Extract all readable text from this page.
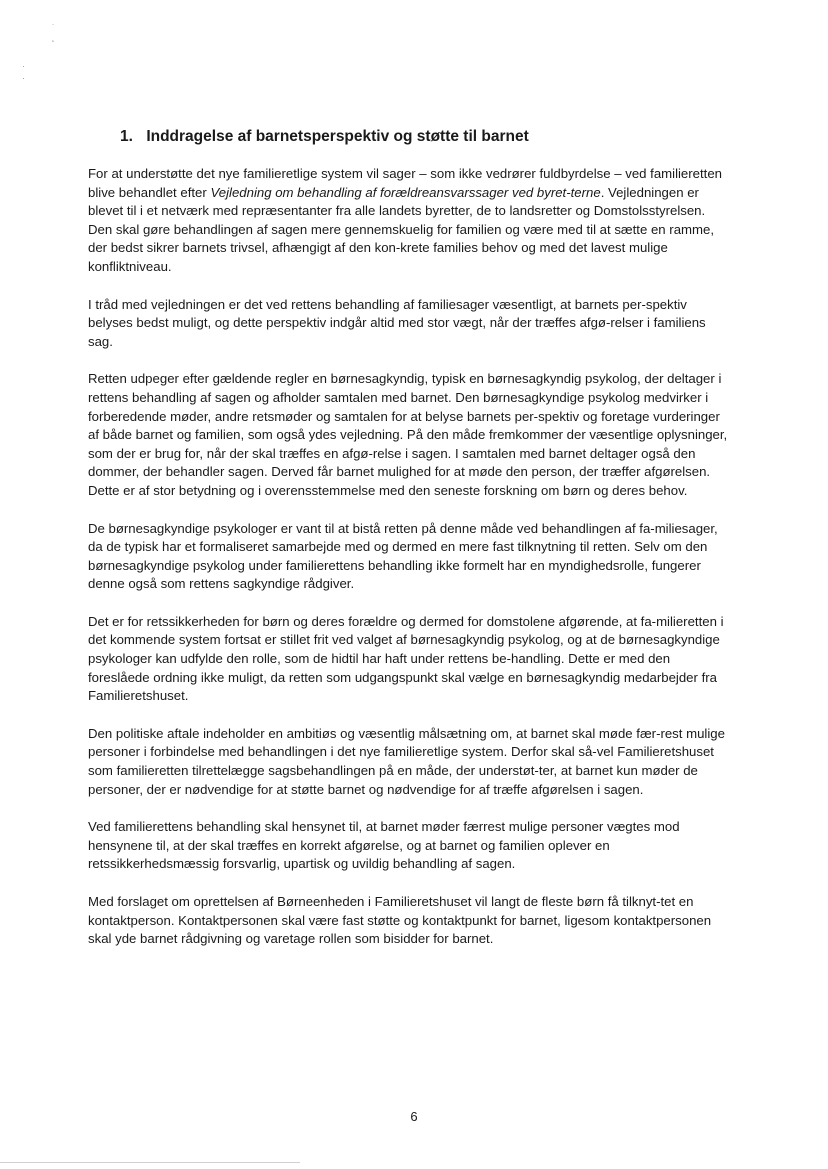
˙
˛
·
·
1. Inddragelse af barnetsperspektiv og støtte til barnet

For at understøtte det nye familieretlige system vil sager – som ikke vedrører fuldbyrdelse – ved familieretten blive behandlet efter Vejledning om behandling af forældreansvarssager ved byret-terne. Vejledningen er blevet til i et netværk med repræsentanter fra alle landets byretter, de to landsretter og Domstolsstyrelsen. Den skal gøre behandlingen af sagen mere gennemskuelig for familien og være med til at sætte en ramme, der bedst sikrer barnets trivsel, afhængigt af den kon-krete families behov og med det lavest mulige konfliktniveau.

I tråd med vejledningen er det ved rettens behandling af familiesager væsentligt, at barnets per-spektiv belyses bedst muligt, og dette perspektiv indgår altid med stor vægt, når der træffes afgø-relser i familiens sag.

Retten udpeger efter gældende regler en børnesagkyndig, typisk en børnesagkyndig psykolog, der deltager i rettens behandling af sagen og afholder samtalen med barnet. Den børnesagkyndige psykolog medvirker i forberedende møder, andre retsmøder og samtalen for at belyse barnets per-spektiv og foretage vurderinger af både barnet og familien, som også ydes vejledning. På den måde fremkommer der væsentlige oplysninger, som der er brug for, når der skal træffes en afgø-relse i sagen. I samtalen med barnet deltager også den dommer, der behandler sagen. Derved får barnet mulighed for at møde den person, der træffer afgørelsen. Dette er af stor betydning og i overensstemmelse med den seneste forskning om børn og deres behov.

De børnesagkyndige psykologer er vant til at bistå retten på denne måde ved behandlingen af fa-miliesager, da de typisk har et formaliseret samarbejde med og dermed en mere fast tilknytning til retten. Selv om den børnesagkyndige psykolog under familierettens behandling ikke formelt har en myndighedsrolle, fungerer denne også som rettens sagkyndige rådgiver.

Det er for retssikkerheden for børn og deres forældre og dermed for domstolene afgørende, at fa-milieretten i det kommende system fortsat er stillet frit ved valget af børnesagkyndig psykolog, og at de børnesagkyndige psykologer kan udfylde den rolle, som de hidtil har haft under rettens be-handling. Dette er med den foreslåede ordning ikke muligt, da retten som udgangspunkt skal vælge en børnesagkyndig medarbejder fra Familieretshuset.

Den politiske aftale indeholder en ambitiøs og væsentlig målsætning om, at barnet skal møde fær-rest mulige personer i forbindelse med behandlingen i det nye familieretlige system. Derfor skal så-vel Familieretshuset som familieretten tilrettelægge sagsbehandlingen på en måde, der understøt-ter, at barnet kun møder de personer, der er nødvendige for at støtte barnet og nødvendige for af træffe afgørelsen i sagen.

Ved familierettens behandling skal hensynet til, at barnet møder færrest mulige personer vægtes mod hensynene til, at der skal træffes en korrekt afgørelse, og at barnet og familien oplever en retssikkerhedsmæssig forsvarlig, upartisk og uvildig behandling af sagen.

Med forslaget om oprettelsen af Børneenheden i Familieretshuset vil langt de fleste børn få tilknyt-tet en kontaktperson. Kontaktpersonen skal være fast støtte og kontaktpunkt for barnet, ligesom kontaktpersonen skal yde barnet rådgivning og varetage rollen som bisidder for barnet.

6
